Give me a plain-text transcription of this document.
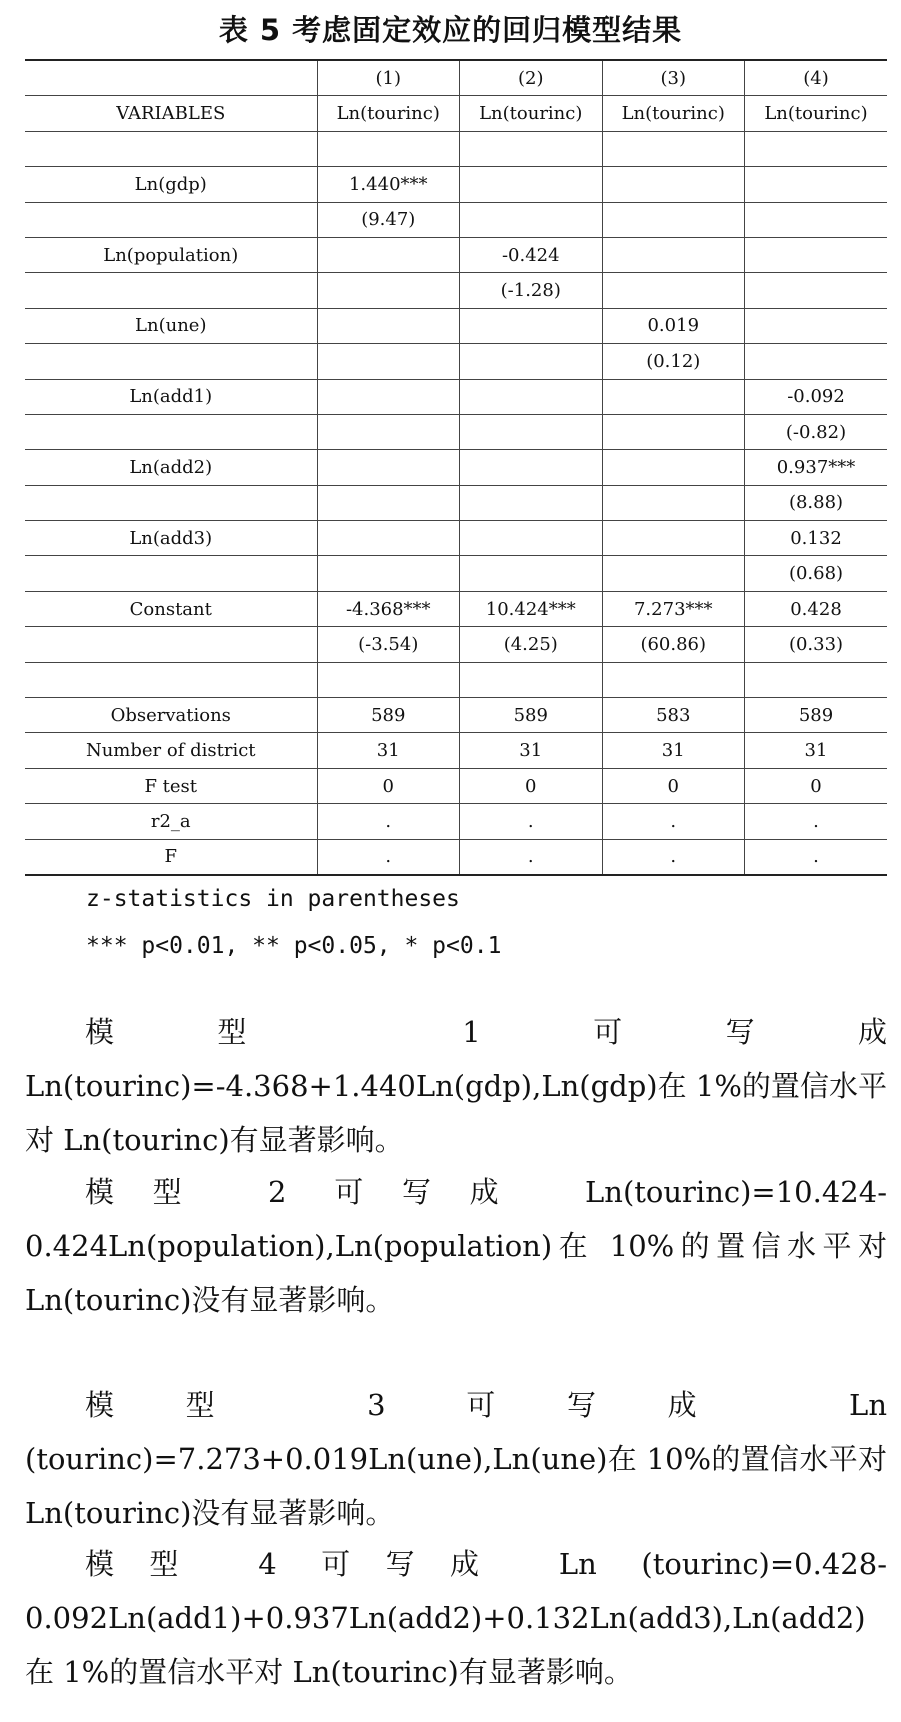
表 5 考虑固定效应的回归模型结果
	(1)	(2)	(3)	(4)
VARIABLES	Ln(tourinc)	Ln(tourinc)	Ln(tourinc)	Ln(tourinc)

Ln(gdp)	1.440***			
	(9.47)			
Ln(population)		-0.424		
		(-1.28)		
Ln(une)			0.019	
			(0.12)	
Ln(add1)				-0.092
				(-0.82)
Ln(add2)				0.937***
				(8.88)
Ln(add3)				0.132
				(0.68)
Constant	-4.368***	10.424***	7.273***	0.428
	(-3.54)	(4.25)	(60.86)	(0.33)

Observations	589	589	583	589
Number of district	31	31	31	31
F test	0	0	0	0
r2_a	.	.	.	.
F	.	.	.	.
z-statistics in parentheses
*** p<0.01, ** p<0.05, * p<0.1

模型 1 可写成 Ln(tourinc)=-4.368+1.440Ln(gdp),Ln(gdp)在 1%的置信水平对 Ln(tourinc)有显著影响。

模型 2 可写成 Ln(tourinc)=10.424-0.424Ln(population),Ln(population)在 10%的置信水平对 Ln(tourinc)没有显著影响。

模型 3 可写成 Ln (tourinc)=7.273+0.019Ln(une),Ln(une)在 10%的置信水平对 Ln(tourinc)没有显著影响。

模型 4 可写成 Ln (tourinc)=0.428-0.092Ln(add1)+0.937Ln(add2)+0.132Ln(add3),Ln(add2)在 1%的置信水平对 Ln(tourinc)有显著影响。
